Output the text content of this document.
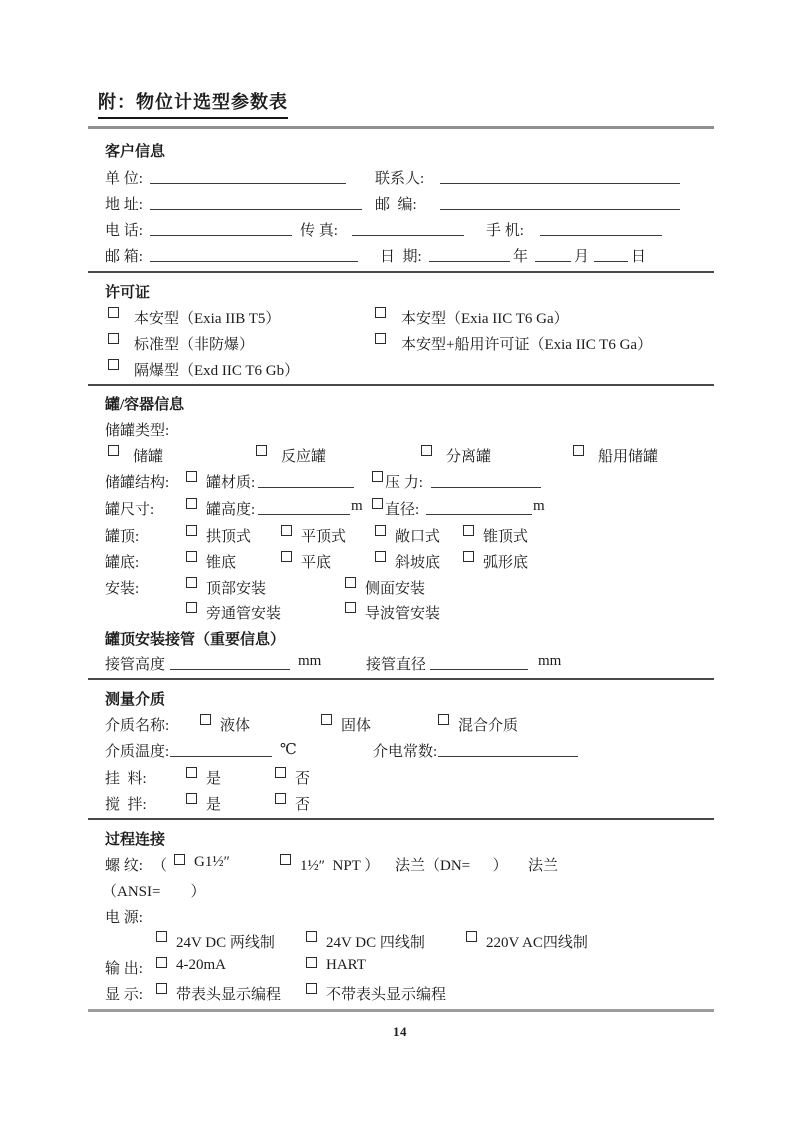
附：物位计选型参数表
客户信息
单 位:	联系人:
地 址:	邮  编:
电 话:	传 真:	手 机:
邮 箱:	日  期:	年	月	日
许可证
本安型（Exia IIB T5）	本安型（Exia IIC T6 Ga）
标准型（非防爆）	本安型+船用许可证（Exia IIC T6 Ga）
隔爆型（Exd IIC T6 Gb）
罐/容器信息
储罐类型:
储罐	反应罐	分离罐	船用储罐
储罐结构: 罐材质:	压 力:
罐尺寸:	罐高度:	m 直径:	m
罐顶:	拱顶式	平顶式	敞口式	锥顶式
罐底:	锥底	平底	斜坡底	弧形底
安装:	顶部安装	侧面安装
旁通管安装	导波管安装
罐顶安装接管（重要信息）
接管高度	mm	接管直径	mm
测量介质
介质名称:	液体	固体	混合介质
介质温度:	℃	介电常数:
挂  料:	是	否
搅  拌:	是	否
过程连接
螺 纹: （ G1½″	1½″  NPT ） 法兰（DN=      ） 法兰
（ANSI=        ）
电 源:
24V DC 两线制	24V DC 四线制	220V AC四线制
输 出: 4-20mA	HART
显 示: 带表头显示编程	不带表头显示编程
14
